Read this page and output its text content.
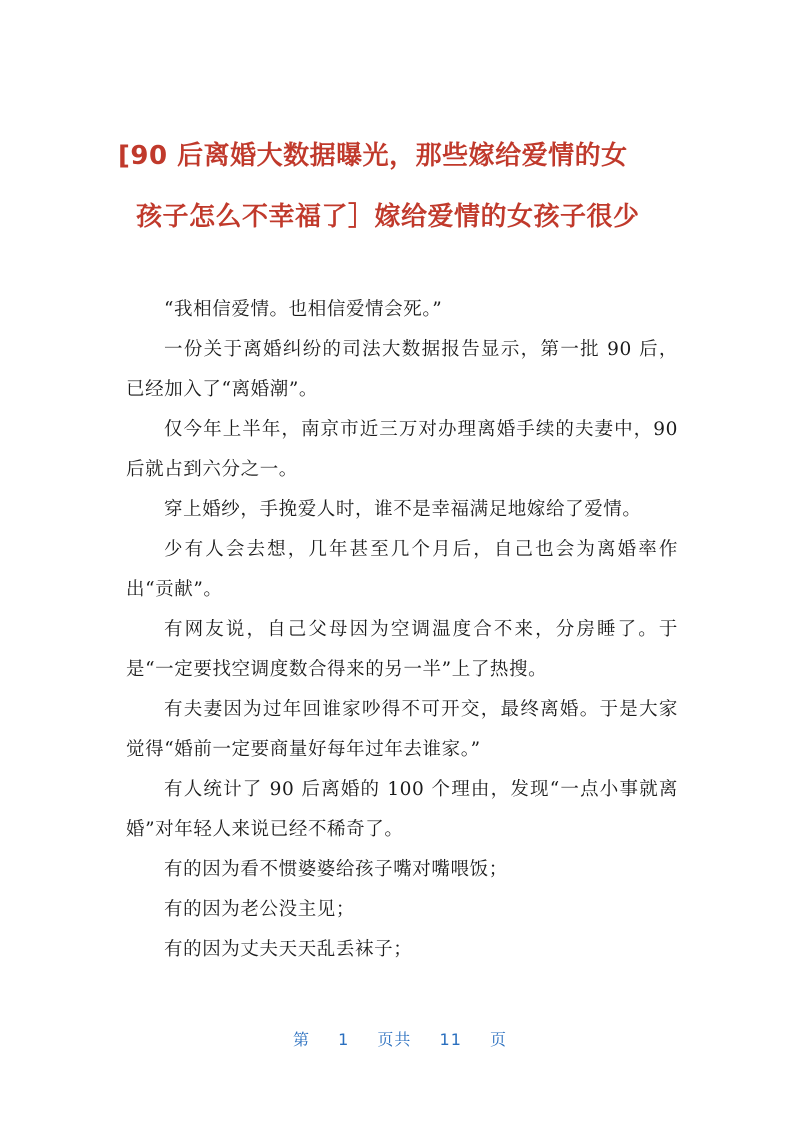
[90 后离婚大数据曝光，那些嫁给爱情的女
孩子怎么不幸福了］嫁给爱情的女孩子很少

“我相信爱情。也相信爱情会死。”

一份关于离婚纠纷的司法大数据报告显示，第一批 90 后，已经加入了“离婚潮”。

仅今年上半年，南京市近三万对办理离婚手续的夫妻中，90 后就占到六分之一。

穿上婚纱，手挽爱人时，谁不是幸福满足地嫁给了爱情。

少有人会去想，几年甚至几个月后，自己也会为离婚率作出“贡献”。

有网友说，自己父母因为空调温度合不来，分房睡了。于是“一定要找空调度数合得来的另一半”上了热搜。

有夫妻因为过年回谁家吵得不可开交，最终离婚。于是大家觉得“婚前一定要商量好每年过年去谁家。”

有人统计了 90 后离婚的 100 个理由，发现“一点小事就离婚”对年轻人来说已经不稀奇了。

有的因为看不惯婆婆给孩子嘴对嘴喂饭；

有的因为老公没主见；

有的因为丈夫天天乱丢袜子；

第 1 页共 11 页
